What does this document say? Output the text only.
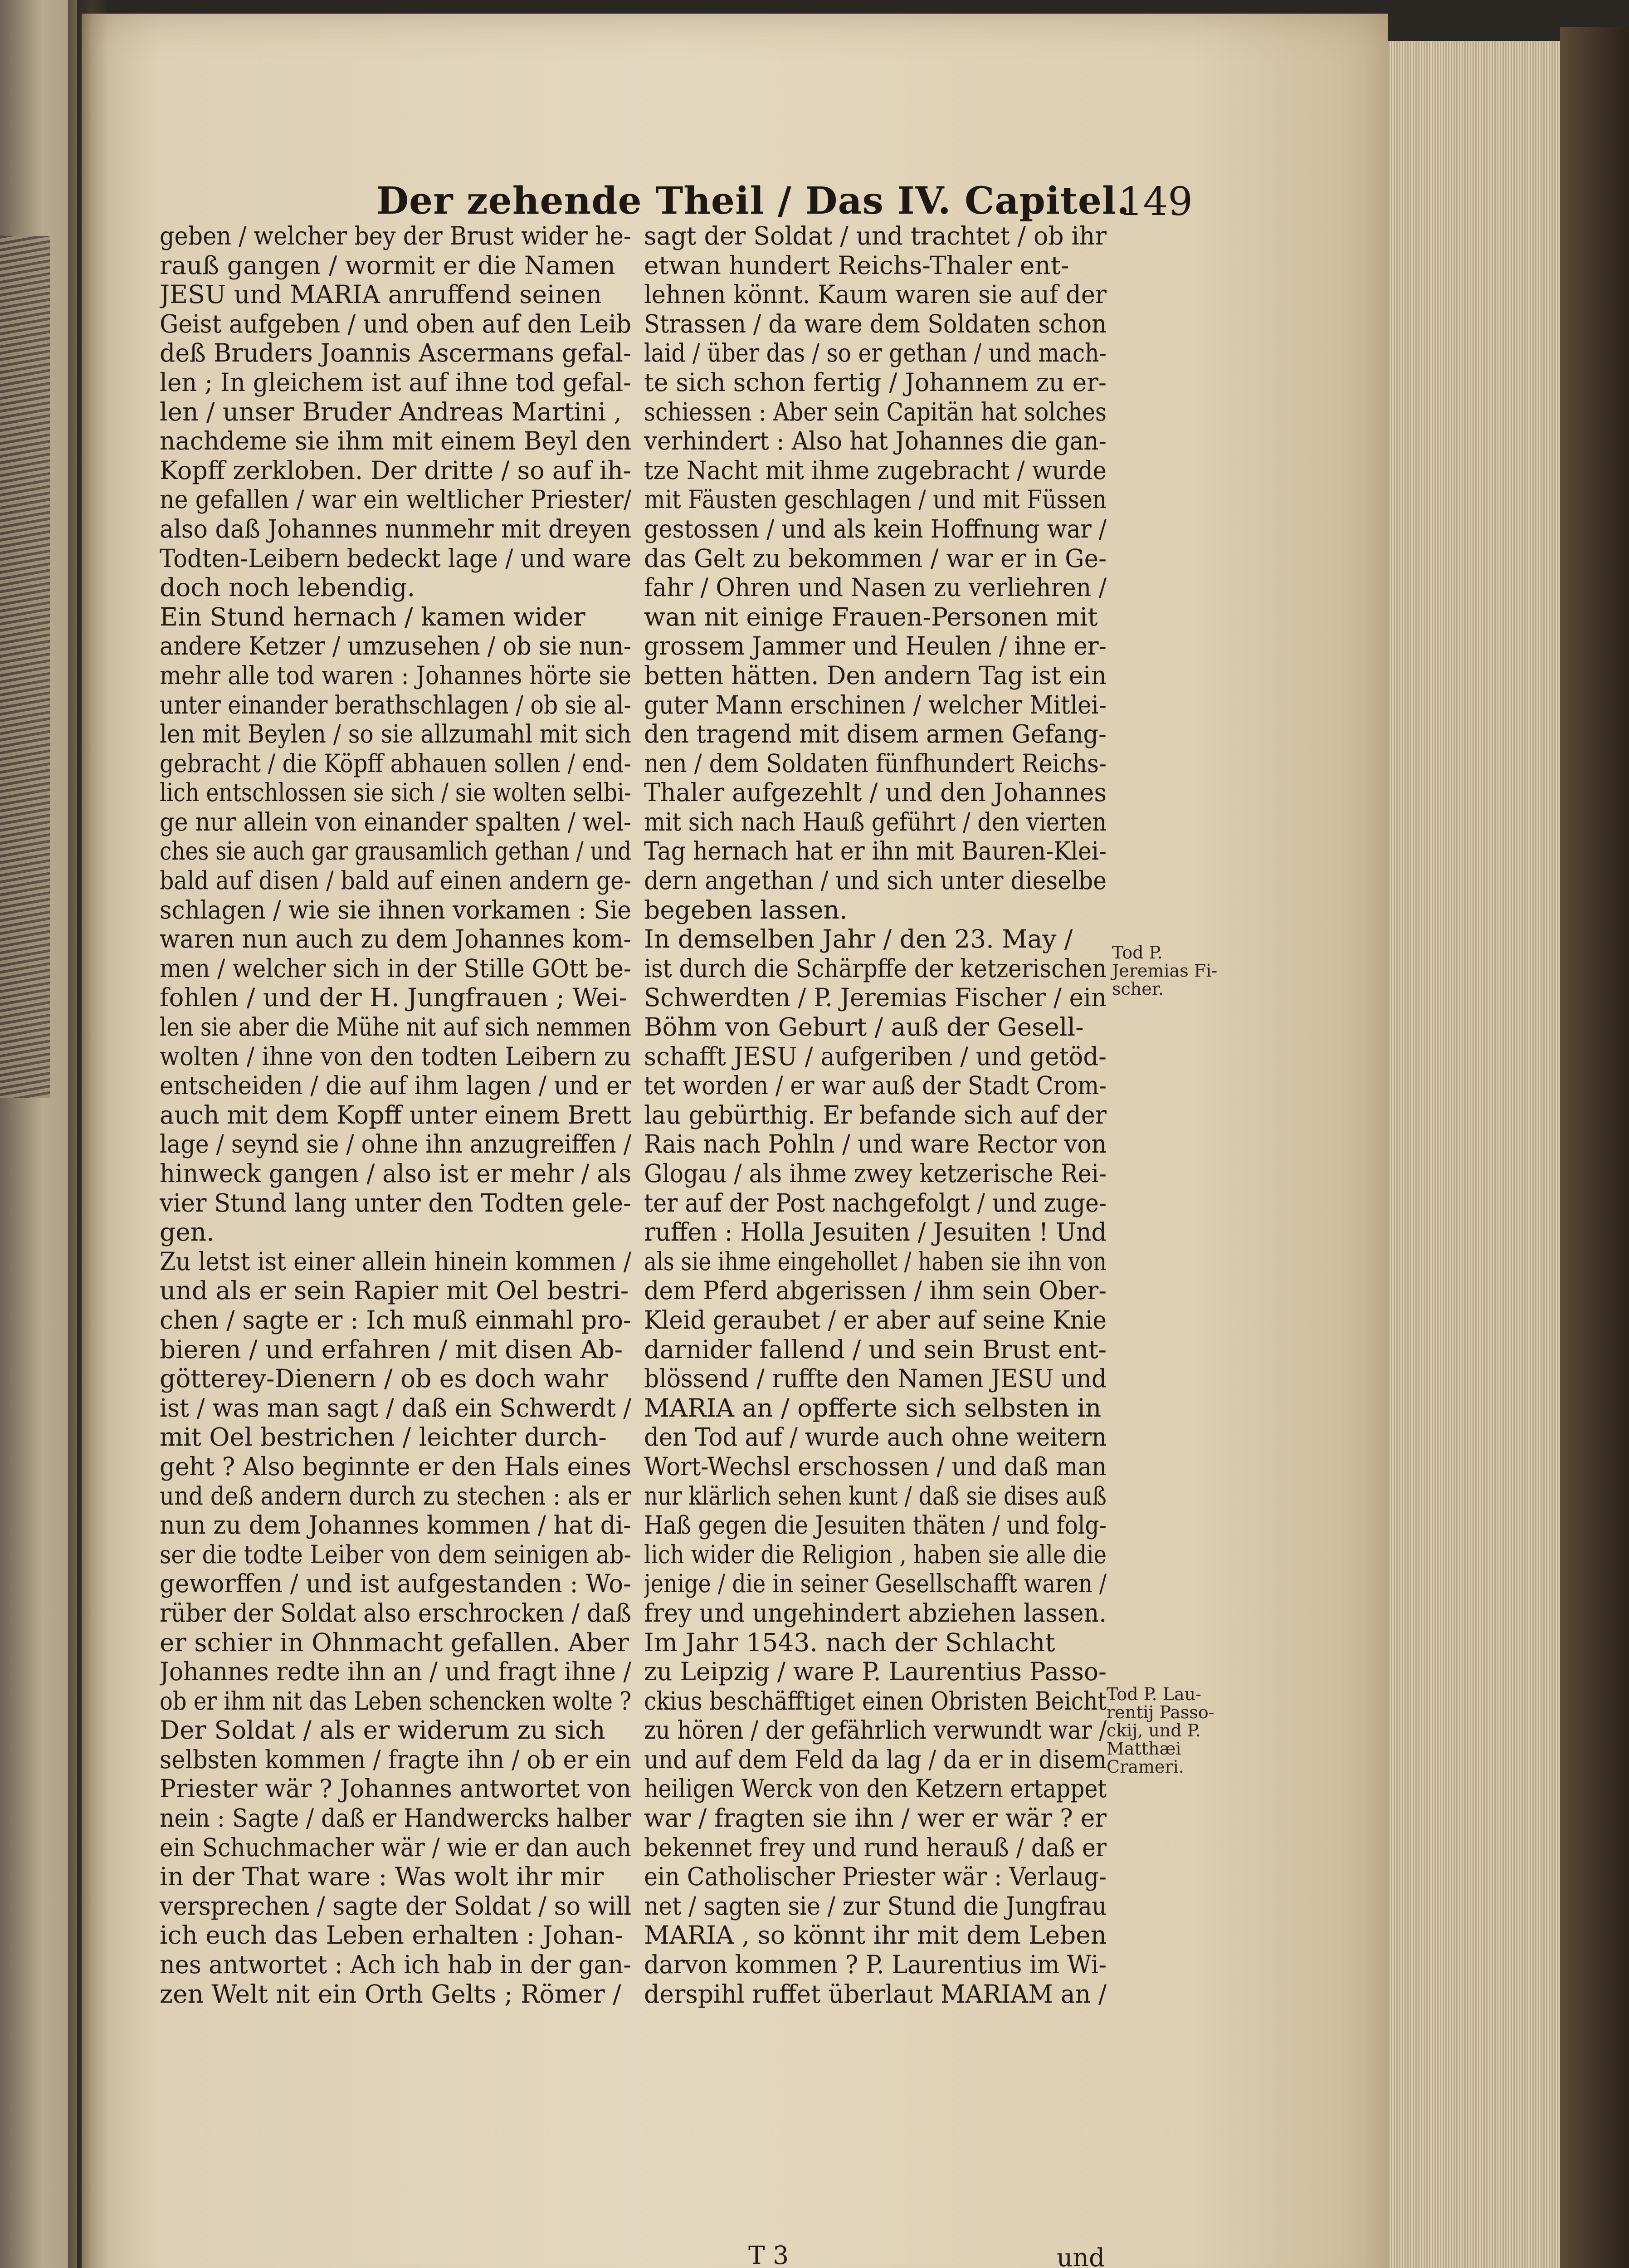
Der zehende Theil / Das IV. Capitel.
149
geben / welcher bey der Brust wider he-
rauß gangen / wormit er die Namen
JESU und MARIA anruffend seinen
Geist aufgeben / und oben auf den Leib
deß Bruders Joannis Ascermans gefal-
len ; In gleichem ist auf ihne tod gefal-
len / unser Bruder Andreas Martini ,
nachdeme sie ihm mit einem Beyl den
Kopff zerkloben. Der dritte / so auf ih-
ne gefallen / war ein weltlicher Priester/
also daß Johannes nunmehr mit dreyen
Todten-Leibern bedeckt lage / und ware
doch noch lebendig.
Ein Stund hernach / kamen wider
andere Ketzer / umzusehen / ob sie nun-
mehr alle tod waren : Johannes hörte sie
unter einander berathschlagen / ob sie al-
len mit Beylen / so sie allzumahl mit sich
gebracht / die Köpff abhauen sollen / end-
lich entschlossen sie sich / sie wolten selbi-
ge nur allein von einander spalten / wel-
ches sie auch gar grausamlich gethan / und
bald auf disen / bald auf einen andern ge-
schlagen / wie sie ihnen vorkamen : Sie
waren nun auch zu dem Johannes kom-
men / welcher sich in der Stille GOtt be-
fohlen / und der H. Jungfrauen ; Wei-
len sie aber die Mühe nit auf sich nemmen
wolten / ihne von den todten Leibern zu
entscheiden / die auf ihm lagen / und er
auch mit dem Kopff unter einem Brett
lage / seynd sie / ohne ihn anzugreiffen /
hinweck gangen / also ist er mehr / als
vier Stund lang unter den Todten gele-
gen.
Zu letst ist einer allein hinein kommen /
und als er sein Rapier mit Oel bestri-
chen / sagte er : Ich muß einmahl pro-
bieren / und erfahren / mit disen Ab-
götterey-Dienern / ob es doch wahr
ist / was man sagt / daß ein Schwerdt /
mit Oel bestrichen / leichter durch-
geht ? Also beginnte er den Hals eines
und deß andern durch zu stechen : als er
nun zu dem Johannes kommen / hat di-
ser die todte Leiber von dem seinigen ab-
geworffen / und ist aufgestanden : Wo-
rüber der Soldat also erschrocken / daß
er schier in Ohnmacht gefallen. Aber
Johannes redte ihn an / und fragt ihne /
ob er ihm nit das Leben schencken wolte ?
Der Soldat / als er widerum zu sich
selbsten kommen / fragte ihn / ob er ein
Priester wär ? Johannes antwortet von
nein : Sagte / daß er Handwercks halber
ein Schuchmacher wär / wie er dan auch
in der That ware : Was wolt ihr mir
versprechen / sagte der Soldat / so will
ich euch das Leben erhalten : Johan-
nes antwortet : Ach ich hab in der gan-
zen Welt nit ein Orth Gelts ; Römer /
sagt der Soldat / und trachtet / ob ihr
etwan hundert Reichs-Thaler ent-
lehnen könnt. Kaum waren sie auf der
Strassen / da ware dem Soldaten schon
laid / über das / so er gethan / und mach-
te sich schon fertig / Johannem zu er-
schiessen : Aber sein Capitän hat solches
verhindert : Also hat Johannes die gan-
tze Nacht mit ihme zugebracht / wurde
mit Fäusten geschlagen / und mit Füssen
gestossen / und als kein Hoffnung war /
das Gelt zu bekommen / war er in Ge-
fahr / Ohren und Nasen zu verliehren /
wan nit einige Frauen-Personen mit
grossem Jammer und Heulen / ihne er-
betten hätten. Den andern Tag ist ein
guter Mann erschinen / welcher Mitlei-
den tragend mit disem armen Gefang-
nen / dem Soldaten fünfhundert Reichs-
Thaler aufgezehlt / und den Johannes
mit sich nach Hauß geführt / den vierten
Tag hernach hat er ihn mit Bauren-Klei-
dern angethan / und sich unter dieselbe
begeben lassen.
In demselben Jahr / den 23. May /
ist durch die Schärpffe der ketzerischen
Schwerdten / P. Jeremias Fischer / ein
Böhm von Geburt / auß der Gesell-
schafft JESU / aufgeriben / und getöd-
tet worden / er war auß der Stadt Crom-
lau gebürthig. Er befande sich auf der
Rais nach Pohln / und ware Rector von
Glogau / als ihme zwey ketzerische Rei-
ter auf der Post nachgefolgt / und zuge-
ruffen : Holla Jesuiten / Jesuiten ! Und
als sie ihme eingehollet / haben sie ihn von
dem Pferd abgerissen / ihm sein Ober-
Kleid geraubet / er aber auf seine Knie
darnider fallend / und sein Brust ent-
blössend / ruffte den Namen JESU und
MARIA an / opfferte sich selbsten in
den Tod auf / wurde auch ohne weitern
Wort-Wechsl erschossen / und daß man
nur klärlich sehen kunt / daß sie dises auß
Haß gegen die Jesuiten thäten / und folg-
lich wider die Religion , haben sie alle die
jenige / die in seiner Gesellschafft waren /
frey und ungehindert abziehen lassen.
Im Jahr 1543. nach der Schlacht
zu Leipzig / ware P. Laurentius Passo-
ckius beschäfftiget einen Obristen Beicht
zu hören / der gefährlich verwundt war /
und auf dem Feld da lag / da er in disem
heiligen Werck von den Ketzern ertappet
war / fragten sie ihn / wer er wär ? er
bekennet frey und rund herauß / daß er
ein Catholischer Priester wär : Verlaug-
net / sagten sie / zur Stund die Jungfrau
MARIA , so könnt ihr mit dem Leben
darvon kommen ? P. Laurentius im Wi-
derspihl ruffet überlaut MARIAM an /
Tod P.
Jeremias Fi-
scher.
Tod P. Lau-
rentij Passo-
ckij, und P.
Matthæi
Crameri.
T 3	und
